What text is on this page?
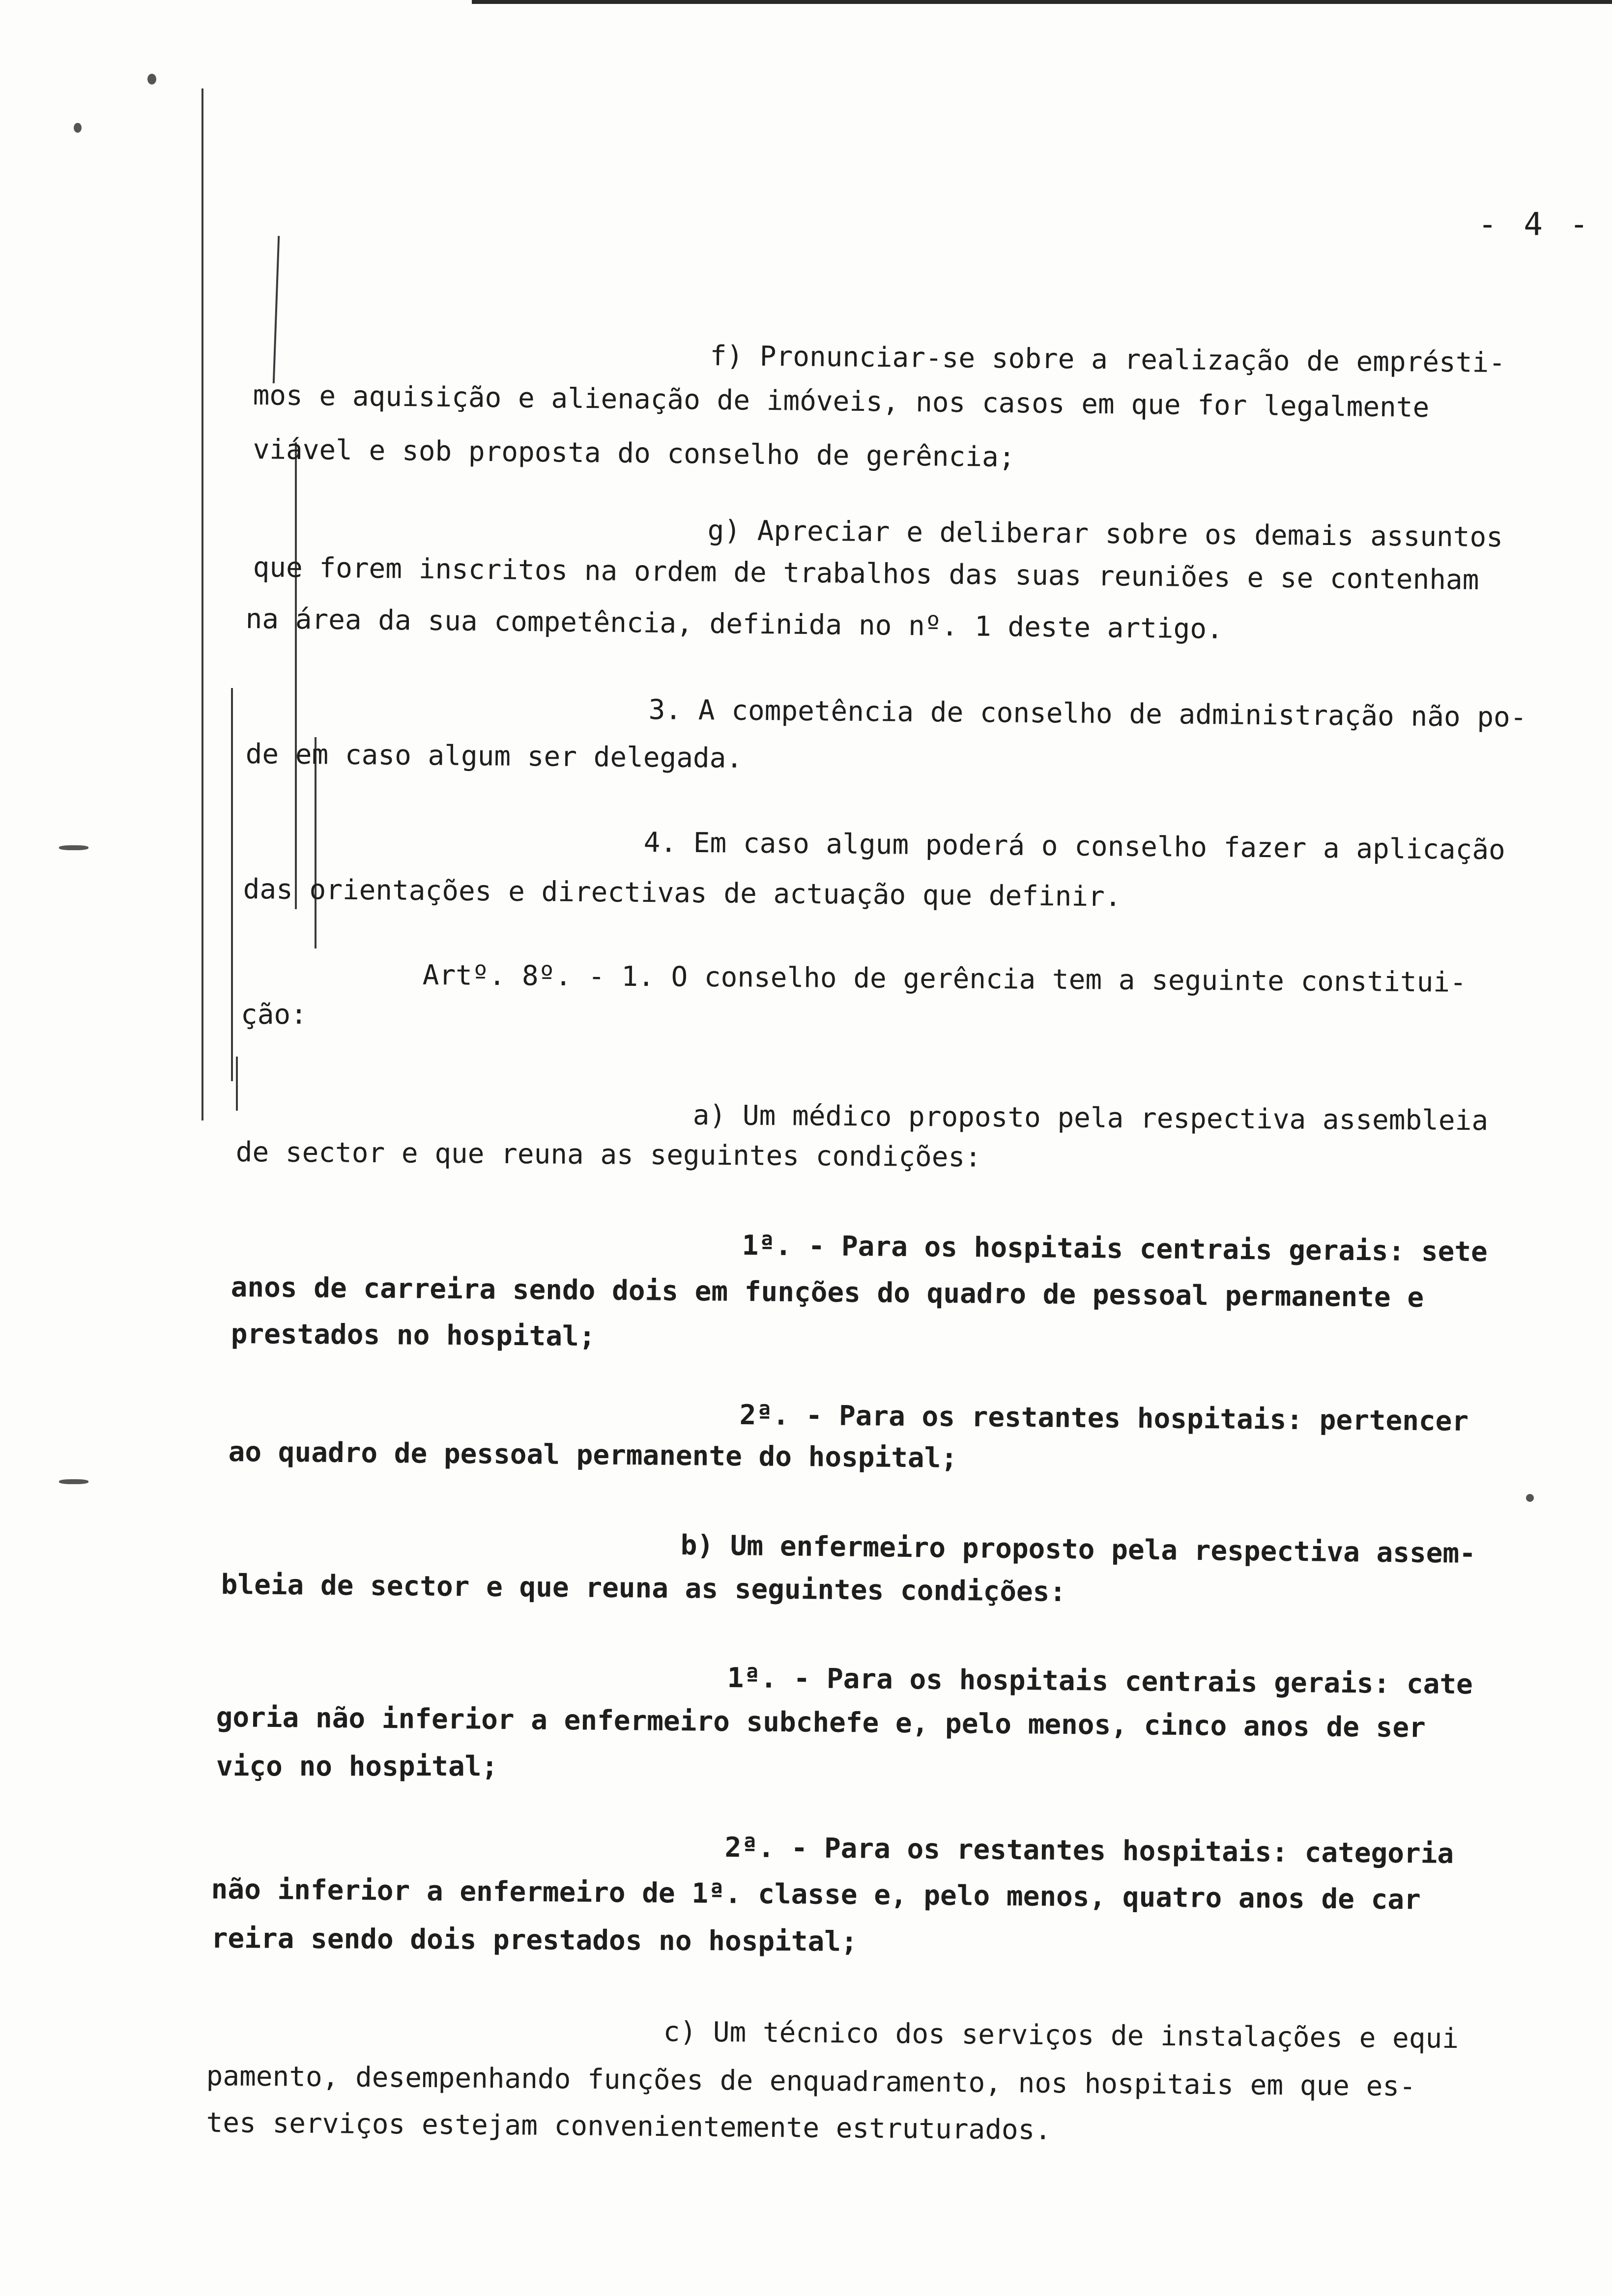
- 4 -
f) Pronunciar-se sobre a realização de emprésti-
mos e aquisição e alienação de imóveis, nos casos em que for legalmente
viável e sob proposta do conselho de gerência;
g) Apreciar e deliberar sobre os demais assuntos
que forem inscritos na ordem de trabalhos das suas reuniões e se contenham
na área da sua competência, definida no nº. 1 deste artigo.
3. A competência de conselho de administração não po-
de em caso algum ser delegada.
4. Em caso algum poderá o conselho fazer a aplicação
das orientações e directivas de actuação que definir.
Artº. 8º. - 1. O conselho de gerência tem a seguinte constitui-
ção:
a) Um médico proposto pela respectiva assembleia
de sector e que reuna as seguintes condições:
1ª. - Para os hospitais centrais gerais: sete
anos de carreira sendo dois em funções do quadro de pessoal permanente e
prestados no hospital;
2ª. - Para os restantes hospitais: pertencer
ao quadro de pessoal permanente do hospital;
b) Um enfermeiro proposto pela respectiva assem-
bleia de sector e que reuna as seguintes condições:
1ª. - Para os hospitais centrais gerais: cate
goria não inferior a enfermeiro subchefe e, pelo menos, cinco anos de ser
viço no hospital;
2ª. - Para os restantes hospitais: categoria
não inferior a enfermeiro de 1ª. classe e, pelo menos, quatro anos de car
reira sendo dois prestados no hospital;
c) Um técnico dos serviços de instalações e equi
pamento, desempenhando funções de enquadramento, nos hospitais em que es-
tes serviços estejam convenientemente estruturados.
